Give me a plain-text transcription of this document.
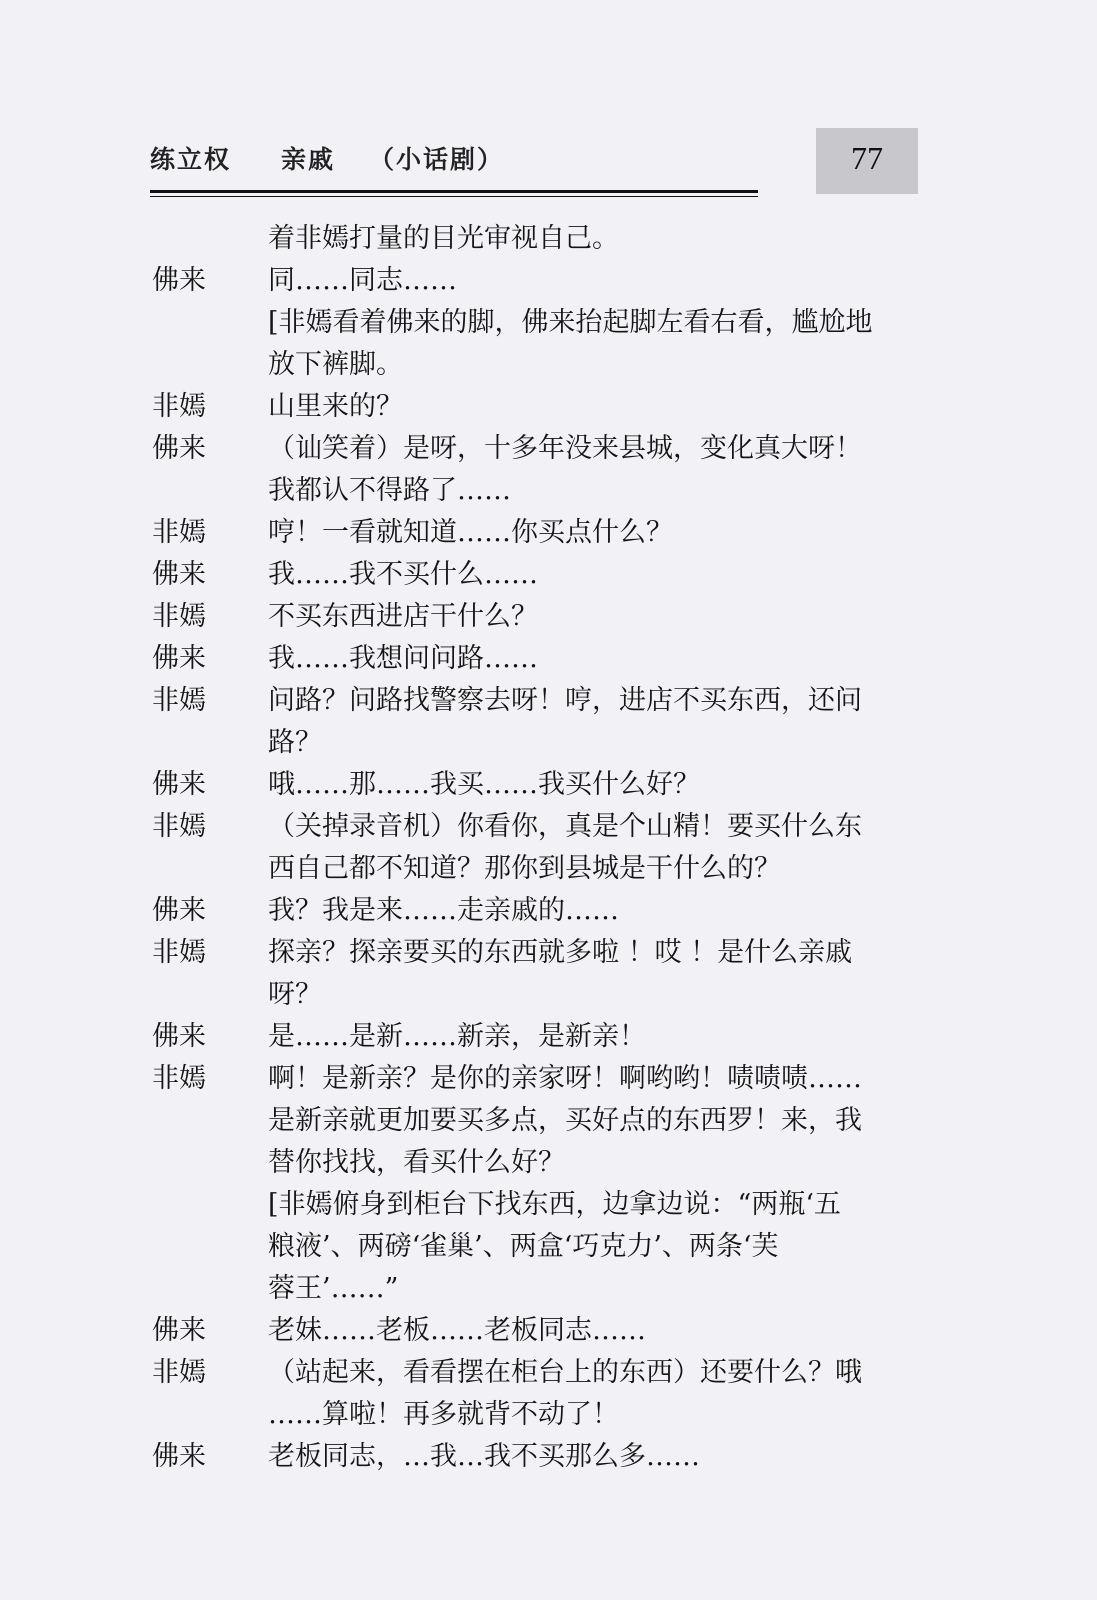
练立权 亲戚 （小话剧）	77
着非嫣打量的目光审视自己。
佛来 同……同志……
[非嫣看着佛来的脚，佛来抬起脚左看右看，尴尬地
放下裤脚。
非嫣 山里来的？
佛来 （讪笑着）是呀，十多年没来县城，变化真大呀！
我都认不得路了……
非嫣 哼！一看就知道……你买点什么？
佛来 我……我不买什么……
非嫣 不买东西进店干什么？
佛来 我……我想问问路……
非嫣 问路？问路找警察去呀！哼，进店不买东西，还问
路？
佛来 哦……那……我买……我买什么好？
非嫣 （关掉录音机）你看你，真是个山精！要买什么东
西自己都不知道？那你到县城是干什么的？
佛来 我？我是来……走亲戚的……
非嫣 探亲？探亲要买的东西就多啦 ！哎 ！是什么亲戚
呀？
佛来 是……是新……新亲，是新亲！
非嫣 啊！是新亲？是你的亲家呀！啊哟哟！啧啧啧……
是新亲就更加要买多点，买好点的东西罗！来，我
替你找找，看买什么好？
[非嫣俯身到柜台下找东西，边拿边说：“两瓶‘五
粮液’、两磅‘雀巢’、两盒‘巧克力’、两条‘芙
蓉王’……”
佛来 老妹……老板……老板同志……
非嫣 （站起来，看看摆在柜台上的东西）还要什么？哦
……算啦！再多就背不动了！
佛来 老板同志，…我…我不买那么多……
